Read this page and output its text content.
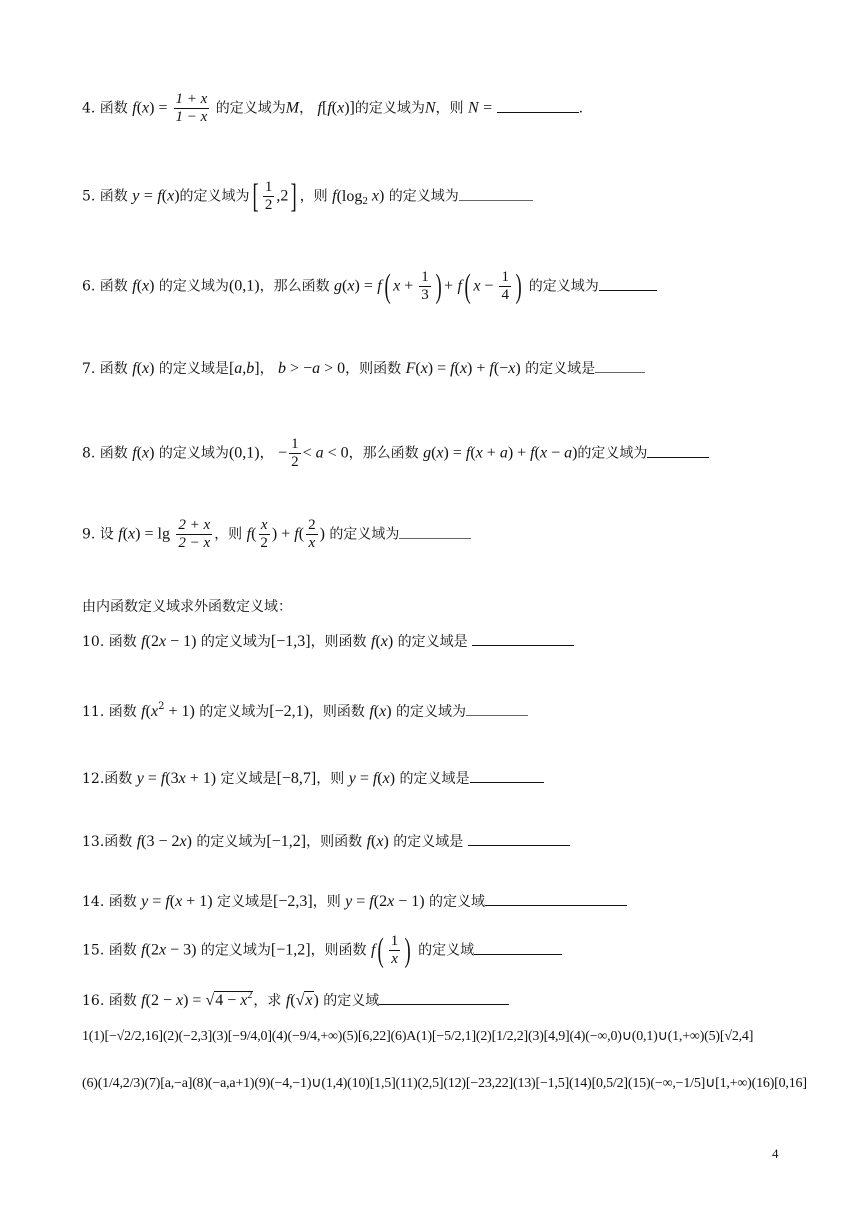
4. 函数 $f(x) = \frac{1 + x}{1 - x}$ 的定义域为M， f[f(x)]的定义域为N，则 N =	.
5. 函数 y = f(x)的定义域为[ $\frac{1}{2} ,2$] ，则 $f(\log_2$ x) 的定义域为
6. 函数 f(x) 的定义域为(0,1)，那么函数 g(x) = f( $x + \frac{1}{3}$ ) + f( $x - \frac{1}{4}$ ) 的定义域为
7. 函数 f(x) 的定义域是[a,b]， b > −a > 0，则函数 F(x) = f(x) + f(−x) 的定义域是
8. 函数 f(x) 的定义域为(0,1)， − $\frac{1}{2} < a < 0$，那么函数 g(x) = f(x + a) + f(x − a)的定义域为
9. 设 $f(x) = \lg \frac{2 + x}{2 - x}$ ，则 $f( \frac{x}{2}$ ) + $f( \frac{2}{x}$ ) 的定义域为
由内函数定义域求外函数定义域：
10. 函数 f(2x − 1) 的定义域为[−1,3]，则函数 f(x) 的定义域是
11. 函数 $f(x^2 + 1)$ 的定义域为[−2,1)，则函数 f(x) 的定义域为
12.函数 y = f(3x + 1) 定义域是[−8,7]，则 y = f(x) 的定义域是
13.函数 f(3 − 2x) 的定义域为[−1,2]，则函数 f(x) 的定义域是
14. 函数 y = f(x + 1) 定义域是[−2,3]，则 y = f(2x − 1) 的定义域
15. 函数 f(2x − 3) 的定义域为[−1,2]，则函数 $f( \frac{1}{x}$ ) 的定义域
16. 函数 $f(2 - x) = √4 - x^2$，求 f(√x) 的定义域
1(1)[−√2/2,16](2)(−2,3](3)[−9/4,0](4)(−9/4,+∞)(5)[6,22](6)A(1)[−5/2,1](2)[1/2,2](3)[4,9](4)(−∞,0)∪(0,1)∪(1,+∞)(5)[√2,4]
(6)(1/4,2/3)(7)[a,−a](8)(−a,a+1)(9)(−4,−1)∪(1,4)(10)[1,5](11)(2,5](12)[−23,22](13)[−1,5](14)[0,5/2](15)(−∞,−1/5]∪[1,+∞)(16)[0,16]
4
